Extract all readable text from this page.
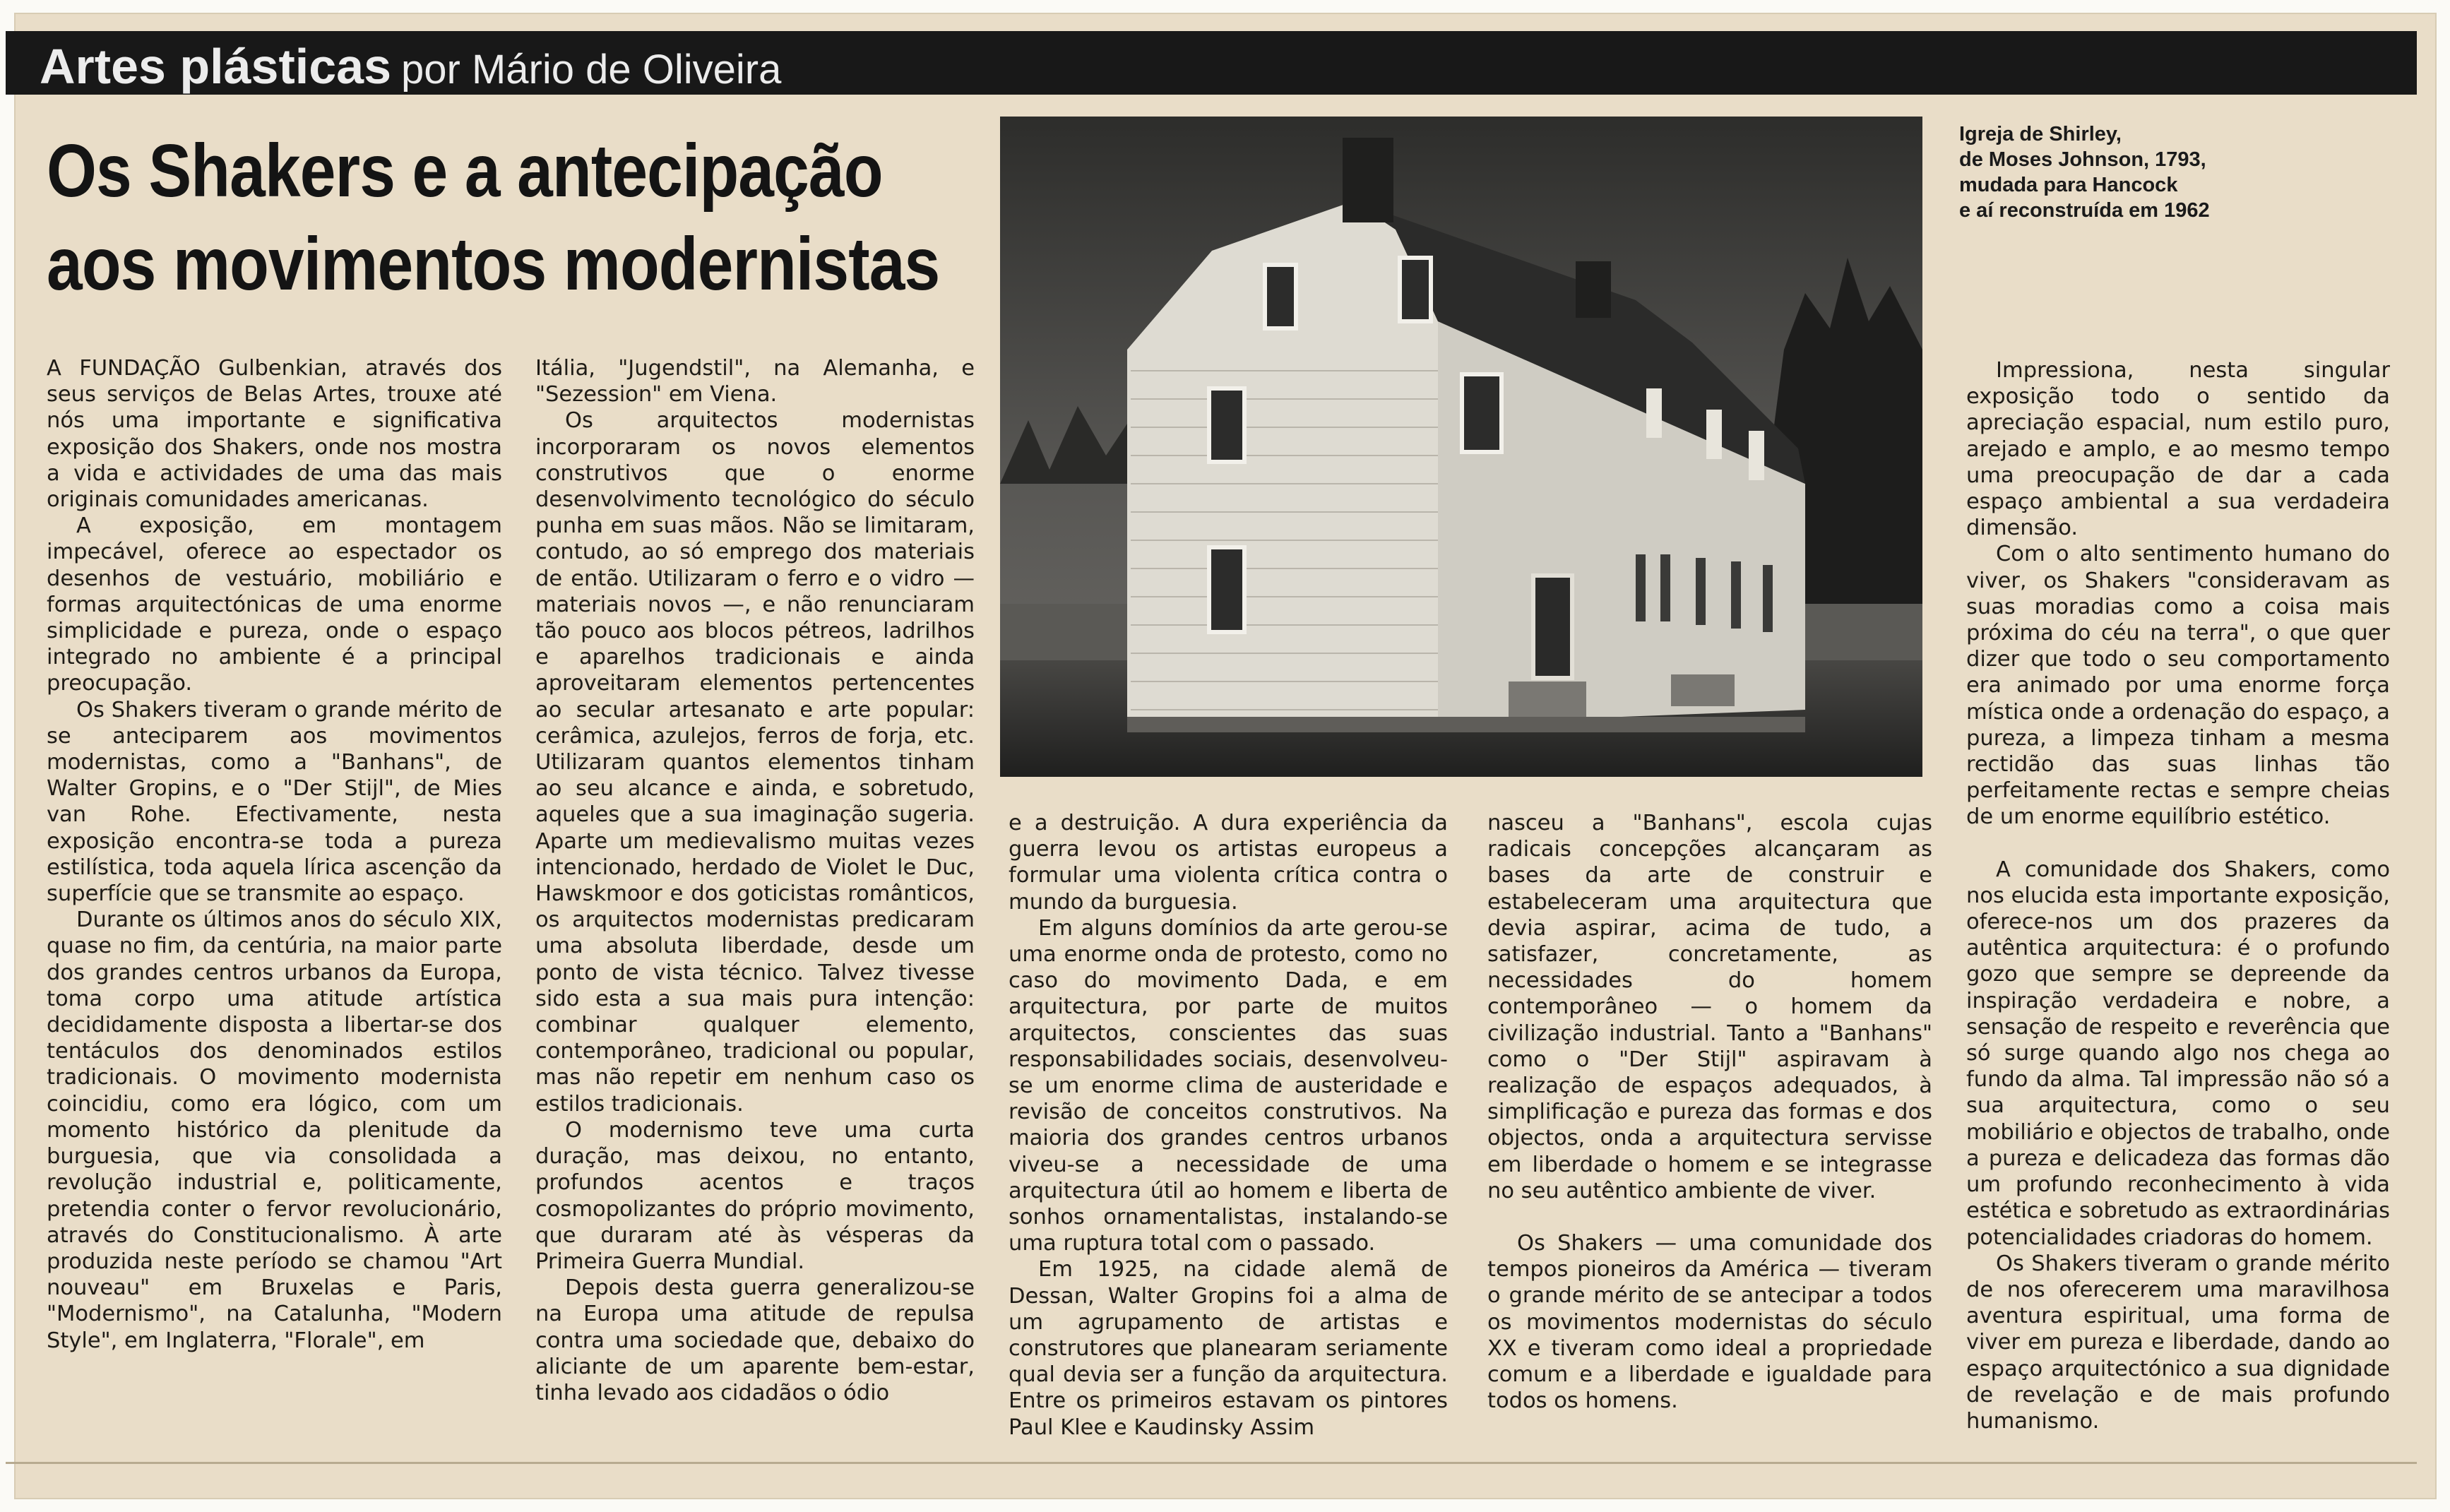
Artes plásticas por Mário de Oliveira
Os Shakers e a antecipação
aos movimentos modernistas

A FUNDAÇÃO Gulbenkian, através dos seus serviços de Belas Artes, trouxe até nós uma importante e significativa exposição dos Shakers, onde nos mostra a vida e actividades de uma das mais originais comunidades americanas.

A exposição, em montagem impecável, oferece ao espectador os desenhos de vestuário, mobiliário e formas arquitectónicas de uma enorme simplicidade e pureza, onde o espaço integrado no ambiente é a principal preocupação.

Os Shakers tiveram o grande mérito de se anteciparem aos movimentos modernistas, como a "Banhans", de Walter Gropins, e o "Der Stijl", de Mies van Rohe. Efectivamente, nesta exposição encontra-se toda a pureza estilística, toda aquela lírica ascenção da superfície que se transmite ao espaço.

Durante os últimos anos do século XIX, quase no fim, da centúria, na maior parte dos grandes centros urbanos da Europa, toma corpo uma atitude artística decididamente disposta a libertar-se dos tentáculos dos denominados estilos tradicionais. O movimento modernista coincidiu, como era lógico, com um momento histórico da plenitude da burguesia, que via consolidada a revolução industrial e, politicamente, pretendia conter o fervor revolucionário, através do Constitucionalismo. À arte produzida neste período se chamou "Art nouveau" em Bruxelas e Paris, "Modernismo", na Catalunha, "Modern Style", em Inglaterra, "Florale", em

Itália, "Jugendstil", na Alemanha, e "Sezession" em Viena.

Os arquitectos modernistas incorporaram os novos elementos construtivos que o enorme desenvolvimento tecnológico do século punha em suas mãos. Não se limitaram, contudo, ao só emprego dos materiais de então. Utilizaram o ferro e o vidro — materiais novos —, e não renunciaram tão pouco aos blocos pétreos, ladrilhos e aparelhos tradicionais e ainda aproveitaram elementos pertencentes ao secular artesanato e arte popular: cerâmica, azulejos, ferros de forja, etc. Utilizaram quantos elementos tinham ao seu alcance e ainda, e sobretudo, aqueles que a sua imaginação sugeria. Aparte um medievalismo muitas vezes intencionado, herdado de Violet le Duc, Hawskmoor e dos goticistas românticos, os arquitectos modernistas predicaram uma absoluta liberdade, desde um ponto de vista técnico. Talvez tivesse sido esta a sua mais pura intenção: combinar qualquer elemento, contemporâneo, tradicional ou popular, mas não repetir em nenhum caso os estilos tradicionais.

O modernismo teve uma curta duração, mas deixou, no entanto, profundos acentos e traços cosmopolizantes do próprio movimento, que duraram até às vésperas da Primeira Guerra Mundial.

Depois desta guerra generalizou-se na Europa uma atitude de repulsa contra uma sociedade que, debaixo do aliciante de um aparente bem-estar, tinha levado aos cidadãos o ódio

Igreja de Shirley,
de Moses Johnson, 1793,
mudada para Hancock
e aí reconstruída em 1962

e a destruição. A dura experiência da guerra levou os artistas europeus a formular uma violenta crítica contra o mundo da burguesia.

Em alguns domínios da arte gerou-se uma enorme onda de protesto, como no caso do movimento Dada, e em arquitectura, por parte de muitos arquitectos, conscientes das suas responsabilidades sociais, desenvolveu-se um enorme clima de austeridade e revisão de conceitos construtivos. Na maioria dos grandes centros urbanos viveu-se a necessidade de uma arquitectura útil ao homem e liberta de sonhos ornamentalistas, instalando-se uma ruptura total com o passado.

Em 1925, na cidade alemã de Dessan, Walter Gropins foi a alma de um agrupamento de artistas e construtores que planearam seriamente qual devia ser a função da arquitectura. Entre os primeiros estavam os pintores Paul Klee e Kaudinsky Assim

nasceu a "Banhans", escola cujas radicais concepções alcançaram as bases da arte de construir e estabeleceram uma arquitectura que devia aspirar, acima de tudo, a satisfazer, concretamente, as necessidades do homem contemporâneo — o homem da civilização industrial. Tanto a "Banhans" como o "Der Stijl" aspiravam à realização de espaços adequados, à simplificação e pureza das formas e dos objectos, onda a arquitectura servisse em liberdade o homem e se integrasse no seu autêntico ambiente de viver.

Os Shakers — uma comunidade dos tempos pioneiros da América — tiveram o grande mérito de se antecipar a todos os movimentos modernistas do século XX e tiveram como ideal a propriedade comum e a liberdade e igualdade para todos os homens.

Impressiona, nesta singular exposição todo o sentido da apreciação espacial, num estilo puro, arejado e amplo, e ao mesmo tempo uma preocupação de dar a cada espaço ambiental a sua verdadeira dimensão.

Com o alto sentimento humano do viver, os Shakers "consideravam as suas moradias como a coisa mais próxima do céu na terra", o que quer dizer que todo o seu comportamento era animado por uma enorme força mística onde a ordenação do espaço, a pureza, a limpeza tinham a mesma rectidão das suas linhas tão perfeitamente rectas e sempre cheias de um enorme equilíbrio estético.

A comunidade dos Shakers, como nos elucida esta importante exposição, oferece-nos um dos prazeres da autêntica arquitectura: é o profundo gozo que sempre se depreende da inspiração verdadeira e nobre, a sensação de respeito e reverência que só surge quando algo nos chega ao fundo da alma. Tal impressão não só a sua arquitectura, como o seu mobiliário e objectos de trabalho, onde a pureza e delicadeza das formas dão um profundo reconhecimento à vida estética e sobretudo as extraordinárias potencialidades criadoras do homem.

Os Shakers tiveram o grande mérito de nos oferecerem uma maravilhosa aventura espiritual, uma forma de viver em pureza e liberdade, dando ao espaço arquitectónico a sua dignidade de revelação e de mais profundo humanismo.
